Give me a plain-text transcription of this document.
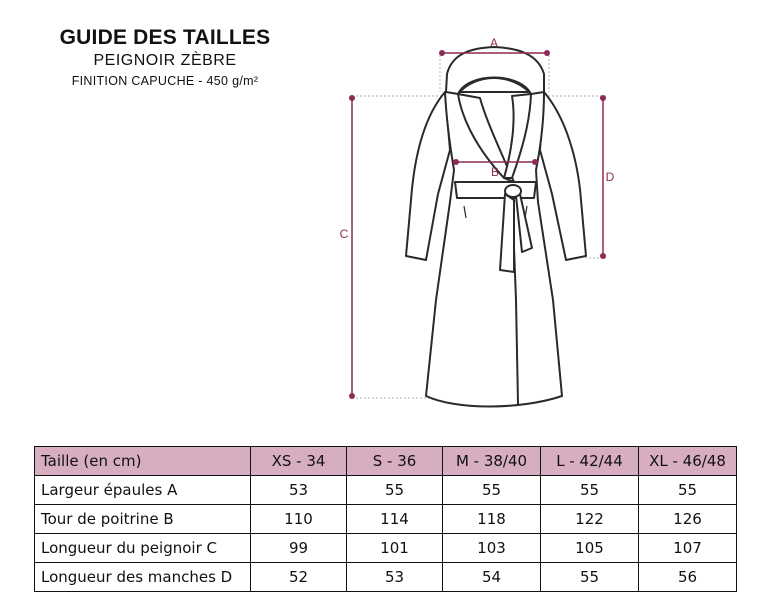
GUIDE DES TAILLES
PEIGNOIR ZÈBRE
FINITION CAPUCHE - 450 g/m²
A
B
C
D
Taille (en cm)	XS - 34	S - 36	M - 38/40	L - 42/44	XL - 46/48
Largeur épaules A	53	55	55	55	55
Tour de poitrine B	110	114	118	122	126
Longueur du peignoir C	99	101	103	105	107
Longueur des manches D	52	53	54	55	56
